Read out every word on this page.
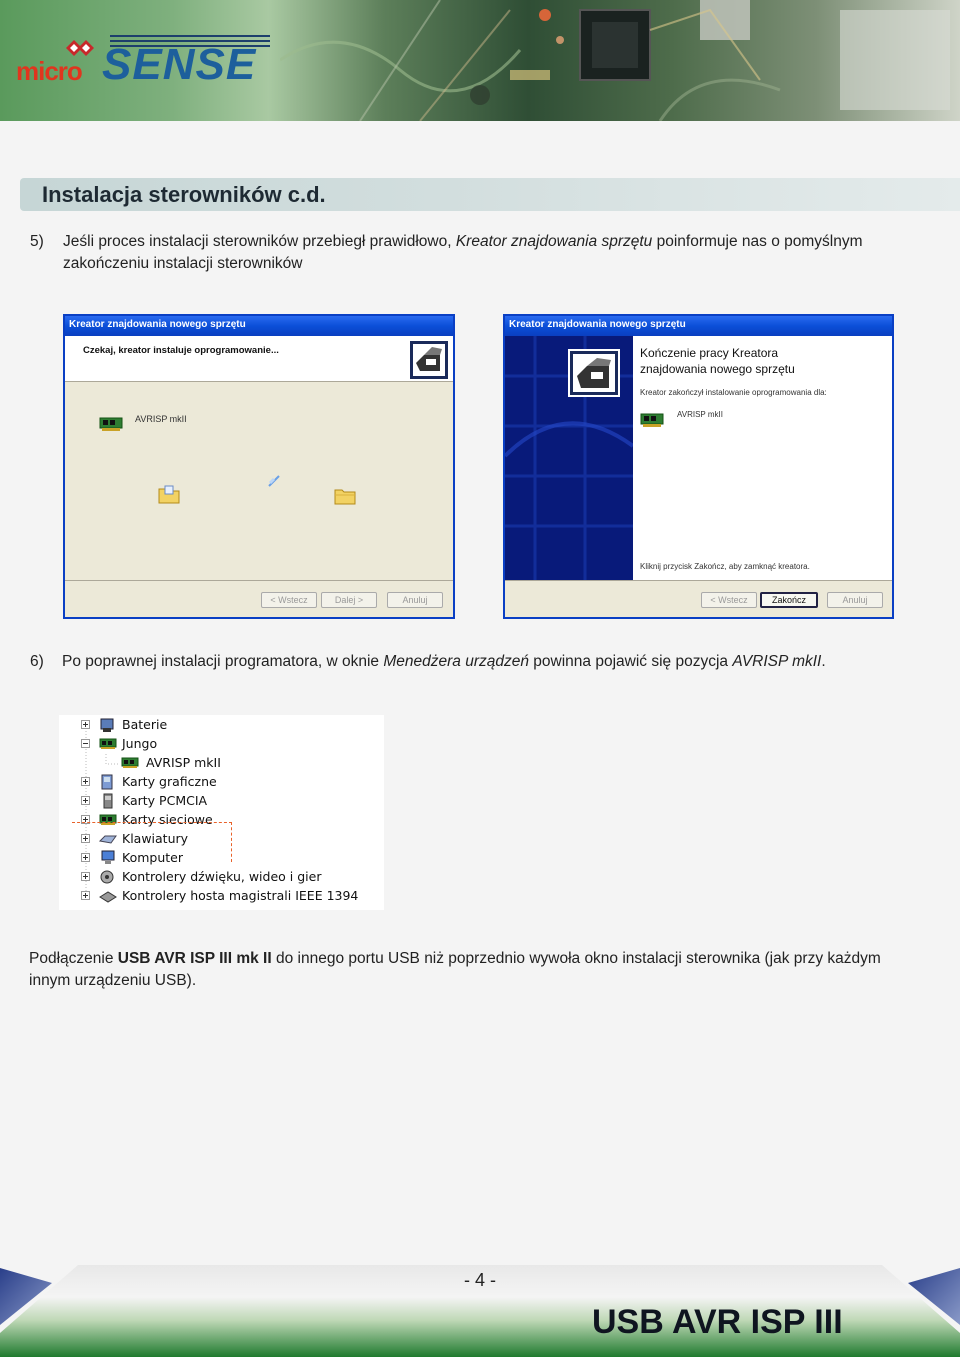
micro SENSE
Instalacja sterowników c.d.
5) Jeśli proces instalacji sterowników przebiegł prawidłowo, Kreator znajdowania sprzętu poinformuje nas o pomyślnym
zakończeniu instalacji sterowników
Kreator znajdowania nowego sprzętu
Czekaj, kreator instaluje oprogramowanie...
AVRISP mkII
< Wstecz	Dalej >	Anuluj
Kreator znajdowania nowego sprzętu
Kończenie pracy Kreatora
znajdowania nowego sprzętu
Kreator zakończył instalowanie oprogramowania dla:
AVRISP mkII
Kliknij przycisk Zakończ, aby zamknąć kreatora.
< Wstecz	Zakończ	Anuluj
6) Po poprawnej instalacji programatora, w oknie Menedżera urządzeń powinna pojawić się pozycja AVRISP mkII.
Baterie
Jungo
AVRISP mkII
Karty graficzne
Karty PCMCIA
Karty sieciowe
Klawiatury
Komputer
Kontrolery dźwięku, wideo i gier
Kontrolery hosta magistrali IEEE 1394
Podłączenie USB AVR ISP III mk II do innego portu USB niż poprzednio wywoła okno instalacji sterownika (jak przy każdym
innym urządzeniu USB).
- 4 -
USB AVR ISP III
